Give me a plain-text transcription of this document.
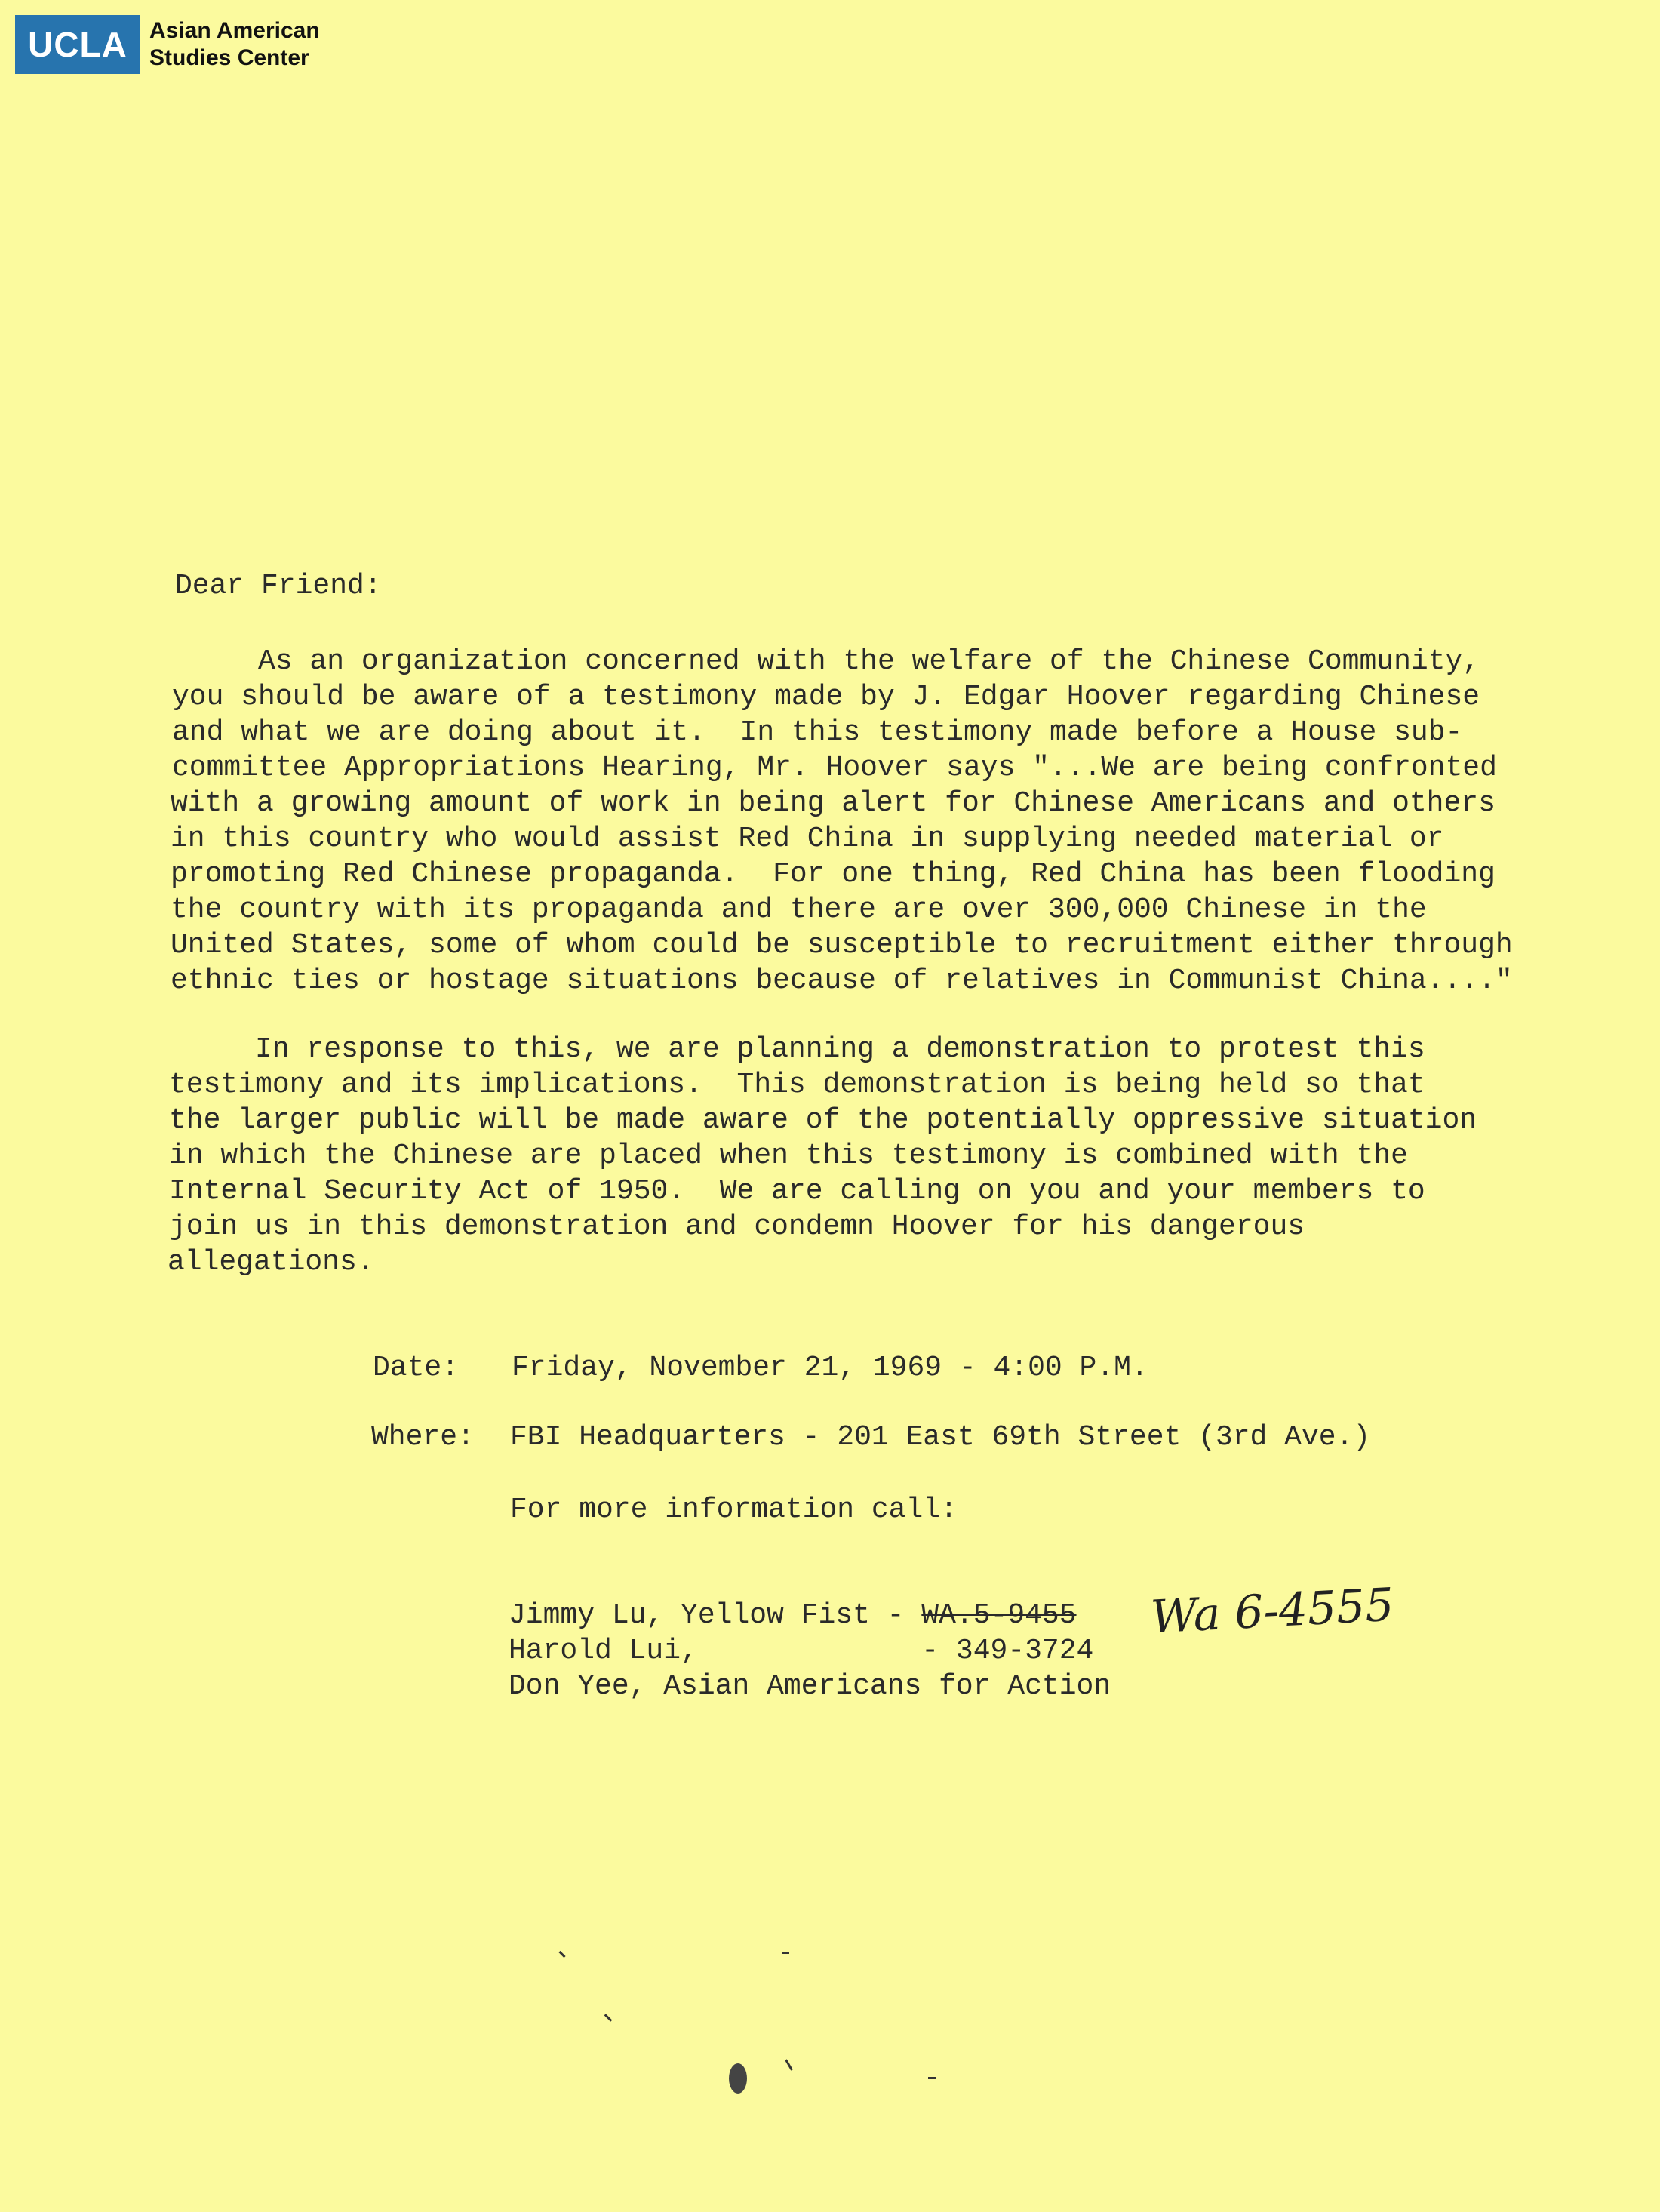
UCLA Asian American
Studies Center
Dear Friend:
As an organization concerned with the welfare of the Chinese Community,
you should be aware of a testimony made by J. Edgar Hoover regarding Chinese
and what we are doing about it.  In this testimony made before a House sub-
committee Appropriations Hearing, Mr. Hoover says "...We are being confronted
with a growing amount of work in being alert for Chinese Americans and others
in this country who would assist Red China in supplying needed material or
promoting Red Chinese propaganda.  For one thing, Red China has been flooding
the country with its propaganda and there are over 300,000 Chinese in the
United States, some of whom could be susceptible to recruitment either through
ethnic ties or hostage situations because of relatives in Communist China...."
In response to this, we are planning a demonstration to protest this
testimony and its implications.  This demonstration is being held so that
the larger public will be made aware of the potentially oppressive situation
in which the Chinese are placed when this testimony is combined with the
Internal Security Act of 1950.  We are calling on you and your members to
join us in this demonstration and condemn Hoover for his dangerous
allegations.
Date: Friday, November 21, 1969 - 4:00 P.M.
Where: FBI Headquarters - 201 East 69th Street (3rd Ave.)
For more information call:
Jimmy Lu, Yellow Fist - WA.5-9455
Harold Lui,             - 349-3724
Don Yee, Asian Americans for Action
Wa 6-4555
